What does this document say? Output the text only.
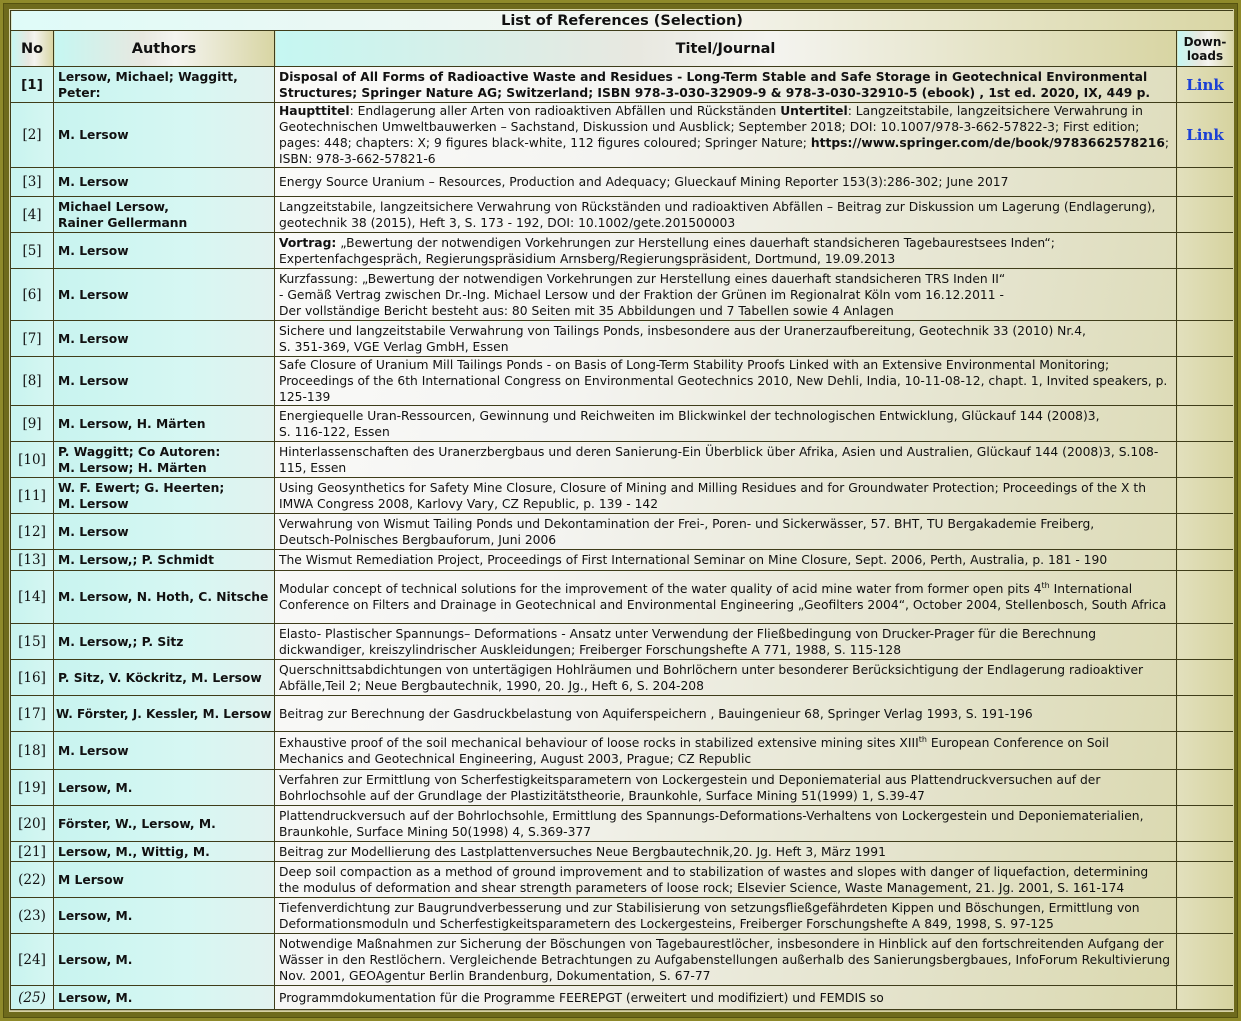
List of References (Selection)			
No	Authors	Titel/Journal	Down-
loads
[1]	Lersow, Michael; Waggitt, Peter:	Disposal of All Forms of Radioactive Waste and Residues - Long-Term Stable and Safe Storage in Geotechnical Environmental Structures; Springer Nature AG; Switzerland; ISBN 978-3-030-32909-9 & 978-3-030-32910-5 (ebook) , 1st ed. 2020, IX, 449 p.	Link
[2]	M. Lersow	Haupttitel: Endlagerung aller Arten von radioaktiven Abfällen und Rückständen Untertitel: Langzeitstabile, langzeitsichere Verwahrung in Geotechnischen Umweltbauwerken – Sachstand, Diskussion und Ausblick; September 2018; DOI: 10.1007/978-3-662-57822-3; First edition; pages: 448; chapters: X; 9 figures black-white, 112 figures coloured; Springer Nature; https://www.springer.com/de/book/9783662578216; ISBN: 978-3-662-57821-6	Link
[3]	M. Lersow	Energy Source Uranium – Resources, Production and Adequacy; Glueckauf Mining Reporter 153(3):286-302; June 2017	
[4]	Michael Lersow,
Rainer Gellermann	Langzeitstabile, langzeitsichere Verwahrung von Rückständen und radioaktiven Abfällen – Beitrag zur Diskussion um Lagerung (Endlagerung), geotechnik 38 (2015), Heft 3, S. 173 - 192, DOI: 10.1002/gete.201500003	
[5]	M. Lersow	Vortrag: „Bewertung der notwendigen Vorkehrungen zur Herstellung eines dauerhaft standsicheren Tagebaurestsees Inden“; Expertenfachgespräch, Regierungspräsidium Arnsberg/Regierungspräsident, Dortmund, 19.09.2013	
[6]	M. Lersow	Kurzfassung: „Bewertung der notwendigen Vorkehrungen zur Herstellung eines dauerhaft standsicheren TRS Inden II“
- Gemäß Vertrag zwischen Dr.-Ing. Michael Lersow und der Fraktion der Grünen im Regionalrat Köln vom 16.12.2011 -
Der vollständige Bericht besteht aus: 80 Seiten mit 35 Abbildungen und 7 Tabellen sowie 4 Anlagen	
[7]	M. Lersow	Sichere und langzeitstabile Verwahrung von Tailings Ponds, insbesondere aus der Uranerzaufbereitung, Geotechnik 33 (2010) Nr.4,
S. 351-369, VGE Verlag GmbH, Essen	
[8]	M. Lersow	Safe Closure of Uranium Mill Tailings Ponds - on Basis of Long-Term Stability Proofs Linked with an Extensive Environmental Monitoring; Proceedings of the 6th International Congress on Environmental Geotechnics 2010, New Dehli, India, 10-11-08-12, chapt. 1, Invited speakers, p. 125-139	
[9]	M. Lersow, H. Märten	Energiequelle Uran-Ressourcen, Gewinnung und Reichweiten im Blickwinkel der technologischen Entwicklung, Glückauf 144 (2008)3,
S. 116-122, Essen	
[10]	P. Waggitt; Co Autoren:
M. Lersow; H. Märten	Hinterlassenschaften des Uranerzbergbaus und deren Sanierung-Ein Überblick über Afrika, Asien und Australien, Glückauf 144 (2008)3, S.108-115, Essen	
[11]	W. F. Ewert; G. Heerten;
M. Lersow	Using Geosynthetics for Safety Mine Closure, Closure of Mining and Milling Residues and for Groundwater Protection; Proceedings of the X th IMWA Congress 2008, Karlovy Vary, CZ Republic, p. 139 - 142	
[12]	M. Lersow	Verwahrung von Wismut Tailing Ponds und Dekontamination der Frei-, Poren- und Sickerwässer, 57. BHT, TU Bergakademie Freiberg,
Deutsch-Polnisches Bergbauforum, Juni 2006	
[13]	M. Lersow,; P. Schmidt	The Wismut Remediation Project, Proceedings of First International Seminar on Mine Closure, Sept. 2006, Perth, Australia, p. 181 - 190	
[14]	M. Lersow, N. Hoth, C. Nitsche	Modular concept of technical solutions for the improvement of the water quality of acid mine water from former open pits 4th International Conference on Filters and Drainage in Geotechnical and Environmental Engineering „Geofilters 2004“, October 2004, Stellenbosch, South Africa	
[15]	M. Lersow,; P. Sitz	Elasto- Plastischer Spannungs– Deformations - Ansatz unter Verwendung der Fließbedingung von Drucker-Prager für die Berechnung dickwandiger, kreiszylindrischer Auskleidungen; Freiberger Forschungshefte A 771, 1988, S. 115-128	
[16]	P. Sitz, V. Köckritz, M. Lersow	Querschnittsabdichtungen von untertägigen Hohlräumen und Bohrlöchern unter besonderer Berücksichtigung der Endlagerung radioaktiver Abfälle,Teil 2; Neue Bergbautechnik, 1990, 20. Jg., Heft 6, S. 204-208	
[17]	W. Förster, J. Kessler, M. Lersow	Beitrag zur Berechnung der Gasdruckbelastung von Aquiferspeichern , Bauingenieur 68, Springer Verlag 1993, S. 191-196	
[18]	M. Lersow	Exhaustive proof of the soil mechanical behaviour of loose rocks in stabilized extensive mining sites XIIIth European Conference on Soil Mechanics and Geotechnical Engineering, August 2003, Prague; CZ Republic	
[19]	Lersow, M.	Verfahren zur Ermittlung von Scherfestigkeitsparametern von Lockergestein und Deponiematerial aus Plattendruckversuchen auf der Bohrlochsohle auf der Grundlage der Plastizitätstheorie, Braunkohle, Surface Mining 51(1999) 1, S.39-47	
[20]	Förster, W., Lersow, M.	Plattendruckversuch auf der Bohrlochsohle, Ermittlung des Spannungs-Deformations-Verhaltens von Lockergestein und Deponiematerialien, Braunkohle, Surface Mining 50(1998) 4, S.369-377	
[21]	Lersow, M., Wittig, M.	Beitrag zur Modellierung des Lastplattenversuches Neue Bergbautechnik,20. Jg. Heft 3, März 1991	
(22)	M Lersow	Deep soil compaction as a method of ground improvement and to stabilization of wastes and slopes with danger of liquefaction, determining the modulus of deformation and shear strength parameters of loose rock; Elsevier Science, Waste Management, 21. Jg. 2001, S. 161-174	
(23)	Lersow, M.	Tiefenverdichtung zur Baugrundverbesserung und zur Stabilisierung von setzungsfließgefährdeten Kippen und Böschungen, Ermittlung von Deformationsmoduln und Scherfestigkeitsparametern des Lockergesteins, Freiberger Forschungshefte A 849, 1998, S. 97-125	
[24]	Lersow, M.	Notwendige Maßnahmen zur Sicherung der Böschungen von Tagebaurestlöcher, insbesondere in Hinblick auf den fortschreitenden Aufgang der Wässer in den Restlöchern. Vergleichende Betrachtungen zu Aufgabenstellungen außerhalb des Sanierungsbergbaues, InfoForum Rekultivierung Nov. 2001, GEOAgentur Berlin Brandenburg, Dokumentation, S. 67-77	
(25)	Lersow, M.	Programmdokumentation für die Programme FEEREPGT (erweitert und modifiziert) und FEMDIS so	
